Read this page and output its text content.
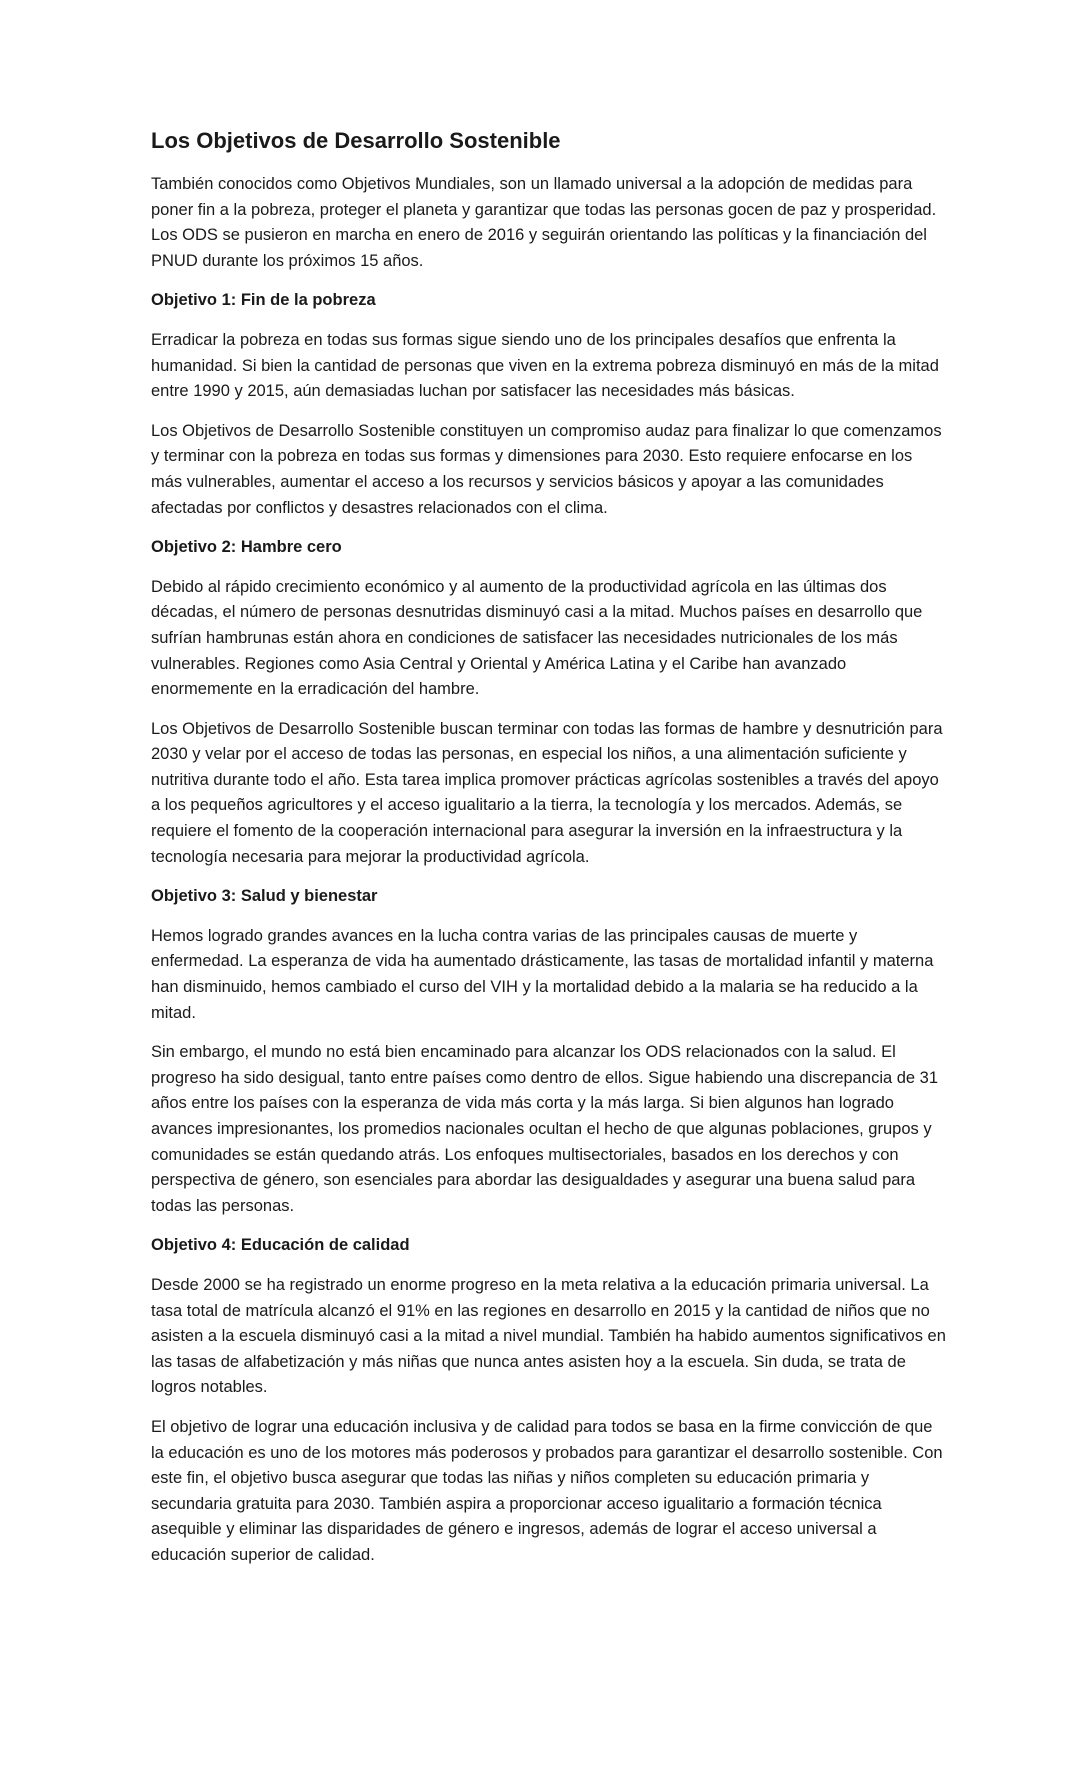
Los Objetivos de Desarrollo Sostenible

También conocidos como Objetivos Mundiales, son un llamado universal a la adopción de medidas para poner fin a la pobreza, proteger el planeta y garantizar que todas las personas gocen de paz y prosperidad. Los ODS se pusieron en marcha en enero de 2016 y seguirán orientando las políticas y la financiación del PNUD durante los próximos 15 años.

Objetivo 1: Fin de la pobreza

Erradicar la pobreza en todas sus formas sigue siendo uno de los principales desafíos que enfrenta la humanidad. Si bien la cantidad de personas que viven en la extrema pobreza disminuyó en más de la mitad entre 1990 y 2015, aún demasiadas luchan por satisfacer las necesidades más básicas.

Los Objetivos de Desarrollo Sostenible constituyen un compromiso audaz para finalizar lo que comenzamos y terminar con la pobreza en todas sus formas y dimensiones para 2030. Esto requiere enfocarse en los más vulnerables, aumentar el acceso a los recursos y servicios básicos y apoyar a las comunidades afectadas por conflictos y desastres relacionados con el clima.

Objetivo 2: Hambre cero

Debido al rápido crecimiento económico y al aumento de la productividad agrícola en las últimas dos décadas, el número de personas desnutridas disminuyó casi a la mitad. Muchos países en desarrollo que sufrían hambrunas están ahora en condiciones de satisfacer las necesidades nutricionales de los más vulnerables. Regiones como Asia Central y Oriental y América Latina y el Caribe han avanzado enormemente en la erradicación del hambre.

Los Objetivos de Desarrollo Sostenible buscan terminar con todas las formas de hambre y desnutrición para 2030 y velar por el acceso de todas las personas, en especial los niños, a una alimentación suficiente y nutritiva durante todo el año. Esta tarea implica promover prácticas agrícolas sostenibles a través del apoyo a los pequeños agricultores y el acceso igualitario a la tierra, la tecnología y los mercados. Además, se requiere el fomento de la cooperación internacional para asegurar la inversión en la infraestructura y la tecnología necesaria para mejorar la productividad agrícola.

Objetivo 3: Salud y bienestar

Hemos logrado grandes avances en la lucha contra varias de las principales causas de muerte y enfermedad. La esperanza de vida ha aumentado drásticamente, las tasas de mortalidad infantil y materna han disminuido, hemos cambiado el curso del VIH y la mortalidad debido a la malaria se ha reducido a la mitad.

Sin embargo, el mundo no está bien encaminado para alcanzar los ODS relacionados con la salud. El progreso ha sido desigual, tanto entre países como dentro de ellos. Sigue habiendo una discrepancia de 31 años entre los países con la esperanza de vida más corta y la más larga. Si bien algunos han logrado avances impresionantes, los promedios nacionales ocultan el hecho de que algunas poblaciones, grupos y comunidades se están quedando atrás. Los enfoques multisectoriales, basados en los derechos y con perspectiva de género, son esenciales para abordar las desigualdades y asegurar una buena salud para todas las personas.

Objetivo 4: Educación de calidad

Desde 2000 se ha registrado un enorme progreso en la meta relativa a la educación primaria universal. La tasa total de matrícula alcanzó el 91% en las regiones en desarrollo en 2015 y la cantidad de niños que no asisten a la escuela disminuyó casi a la mitad a nivel mundial. También ha habido aumentos significativos en las tasas de alfabetización y más niñas que nunca antes asisten hoy a la escuela. Sin duda, se trata de logros notables.

El objetivo de lograr una educación inclusiva y de calidad para todos se basa en la firme convicción de que la educación es uno de los motores más poderosos y probados para garantizar el desarrollo sostenible. Con este fin, el objetivo busca asegurar que todas las niñas y niños completen su educación primaria y secundaria gratuita para 2030. También aspira a proporcionar acceso igualitario a formación técnica asequible y eliminar las disparidades de género e ingresos, además de lograr el acceso universal a educación superior de calidad.
